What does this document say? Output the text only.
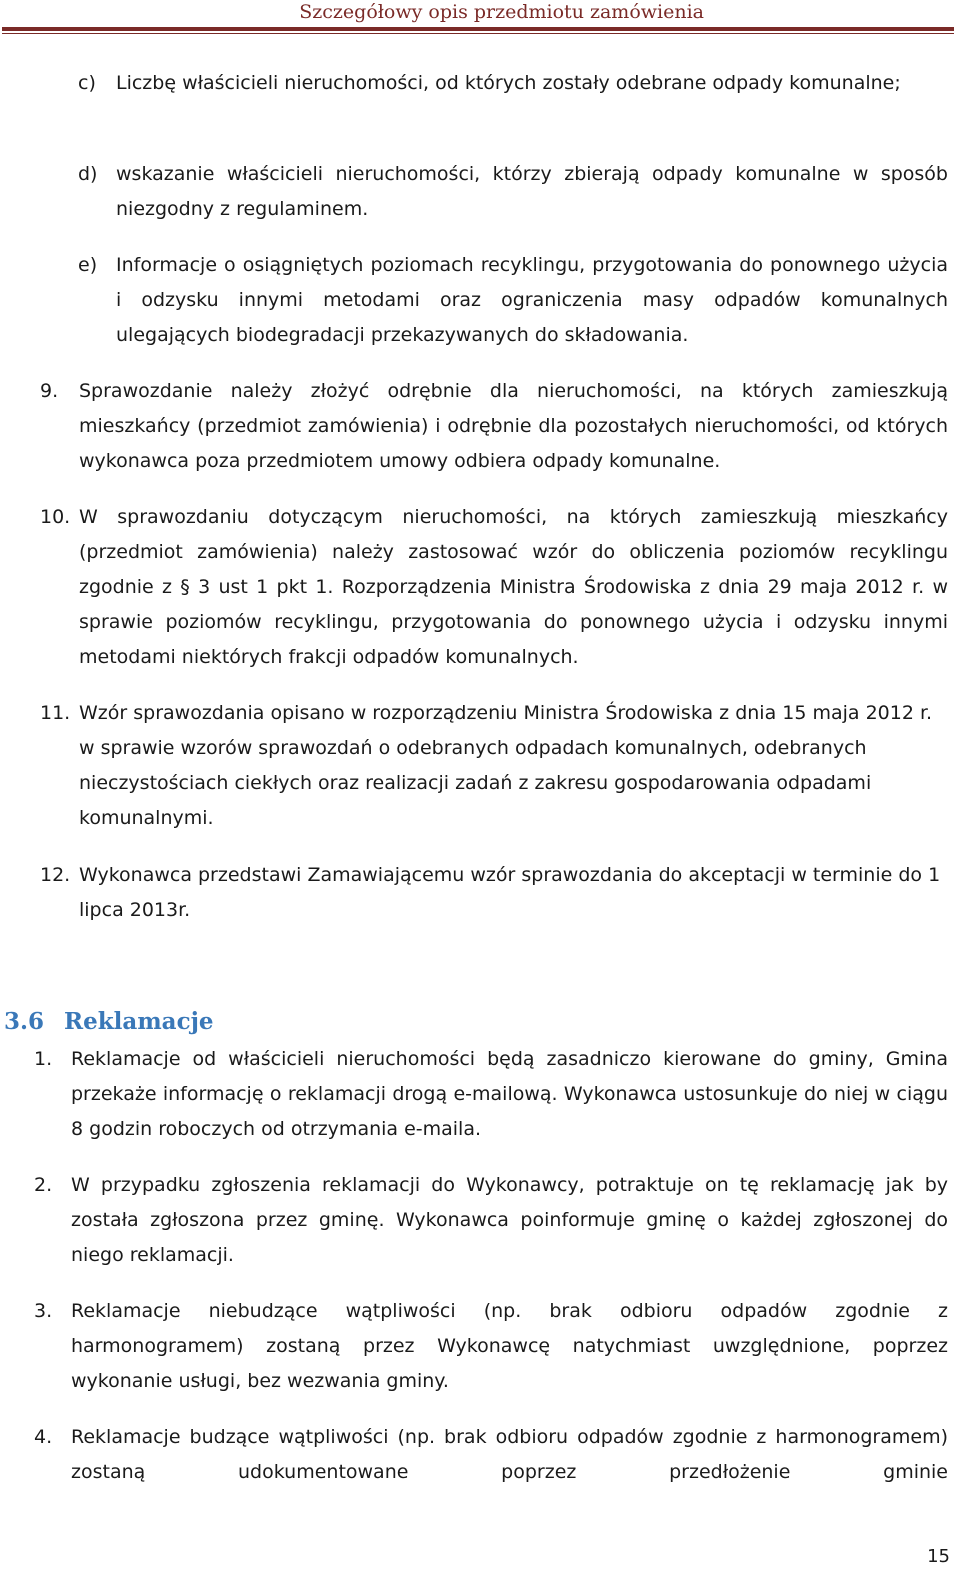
Szczegółowy opis przedmiotu zamówienia
c) Liczbę właścicieli nieruchomości, od których zostały odebrane odpady komunalne;
d) wskazanie właścicieli nieruchomości, którzy zbierają odpady komunalne w sposób niezgodny z regulaminem.
e) Informacje o osiągniętych poziomach recyklingu, przygotowania do ponownego użycia i odzysku innymi metodami oraz ograniczenia masy odpadów komunalnych ulegających biodegradacji przekazywanych do składowania.
9. Sprawozdanie należy złożyć odrębnie dla nieruchomości, na których zamieszkują mieszkańcy (przedmiot zamówienia) i odrębnie dla pozostałych nieruchomości, od których wykonawca poza przedmiotem umowy odbiera odpady komunalne.
10. W sprawozdaniu dotyczącym nieruchomości, na których zamieszkują mieszkańcy (przedmiot zamówienia) należy zastosować wzór do obliczenia poziomów recyklingu zgodnie z § 3 ust 1 pkt 1. Rozporządzenia Ministra Środowiska z dnia 29 maja 2012 r. w sprawie poziomów recyklingu, przygotowania do ponownego użycia i odzysku innymi metodami niektórych frakcji odpadów komunalnych.
11. Wzór sprawozdania opisano w rozporządzeniu Ministra Środowiska z dnia 15 maja 2012 r. w sprawie wzorów sprawozdań o odebranych odpadach komunalnych, odebranych nieczystościach ciekłych oraz realizacji zadań z zakresu gospodarowania odpadami komunalnymi.
12. Wykonawca przedstawi Zamawiającemu wzór sprawozdania do akceptacji w terminie do 1 lipca 2013r.
3.6 Reklamacje
1. Reklamacje od właścicieli nieruchomości będą zasadniczo kierowane do gminy, Gmina przekaże informację o reklamacji drogą e-mailową. Wykonawca ustosunkuje do niej w ciągu 8 godzin roboczych od otrzymania e-maila.
2. W przypadku zgłoszenia reklamacji do Wykonawcy, potraktuje on tę reklamację jak by została zgłoszona przez gminę. Wykonawca poinformuje gminę o każdej zgłoszonej do niego reklamacji.
3. Reklamacje niebudzące wątpliwości (np. brak odbioru odpadów zgodnie z harmonogramem) zostaną przez Wykonawcę natychmiast uwzględnione, poprzez wykonanie usługi, bez wezwania gminy.
4. Reklamacje budzące wątpliwości (np. brak odbioru odpadów zgodnie z harmonogramem) zostaną udokumentowane poprzez przedłożenie gminie
15
